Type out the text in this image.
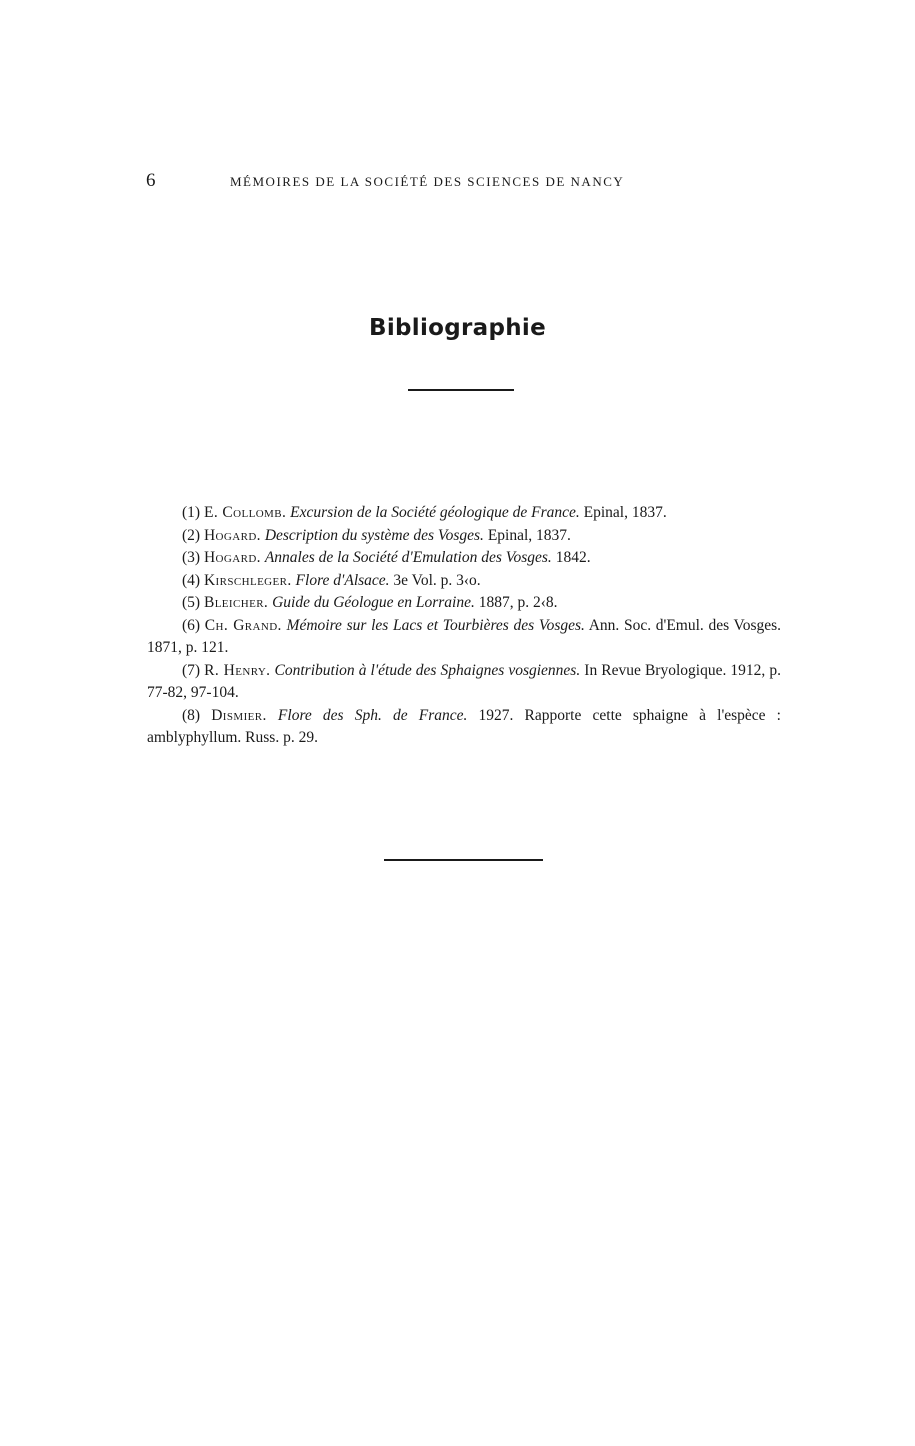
6	MÉMOIRES DE LA SOCIÉTÉ DES SCIENCES DE NANCY
Bibliographie
(1) E. Collomb. Excursion de la Société géologique de France. Epinal, 1837.
(2) Hogard. Description du système des Vosges. Epinal, 1837.
(3) Hogard. Annales de la Société d'Emulation des Vosges. 1842.
(4) Kirschleger. Flore d'Alsace. 3e Vol. p. 3‹o.
(5) Bleicher. Guide du Géologue en Lorraine. 1887, p. 2‹8.
(6) Ch. Grand. Mémoire sur les Lacs et Tourbières des Vosges. Ann. Soc. d'Emul. des Vosges. 1871, p. 121.
(7) R. Henry. Contribution à l'étude des Sphaignes vosgiennes. In Revue Bryologique. 1912, p. 77-82, 97-104.
(8) Dismier. Flore des Sph. de France. 1927. Rapporte cette sphaigne à l'espèce : amblyphyllum. Russ. p. 29.
